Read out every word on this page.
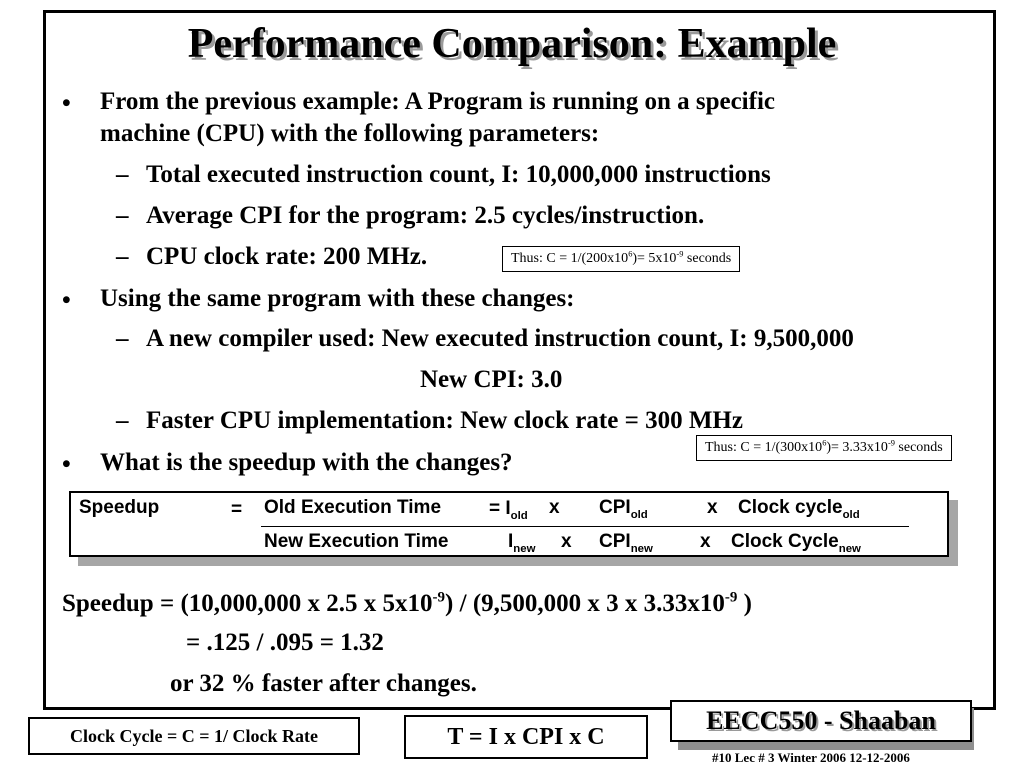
Performance Comparison: Example
• From the previous example: A Program is running on a specific
machine (CPU) with the following parameters:
– Total executed instruction count, I: 10,000,000 instructions
– Average CPI for the program: 2.5 cycles/instruction.
– CPU clock rate: 200 MHz.	Thus: $C = 1/(200x10^6)= 5x10^{-9}$ seconds
• Using the same program with these changes:
– A new compiler used: New executed instruction count, I: 9,500,000
New CPI: 3.0
– Faster CPU implementation: New clock rate = 300 MHz
Thus: $C = 1/(300x10^6)= 3.33x10^{-9}$ seconds
• What is the speedup with the changes?
Speedup	= Old Execution Time	= $I_{old}$ x $CPI_{old}$	x Clock cycle$_{old}$
New Execution Time	$I_{new}$ x $CPI_{new}$ x Clock Cycle$_{new}$
Speedup = (10,000,000 x 2.5 x $5x10^{-9}) / (9,500,000$ x 3 x $3.33x10^{-9}$ )
= .125 / .095 = 1.32
or 32 % faster after changes.
Clock Cycle = C = 1/ Clock Rate	T = I x CPI x C
EECC550 - Shaaban
#10 Lec # 3 Winter 2006 12-12-2006
